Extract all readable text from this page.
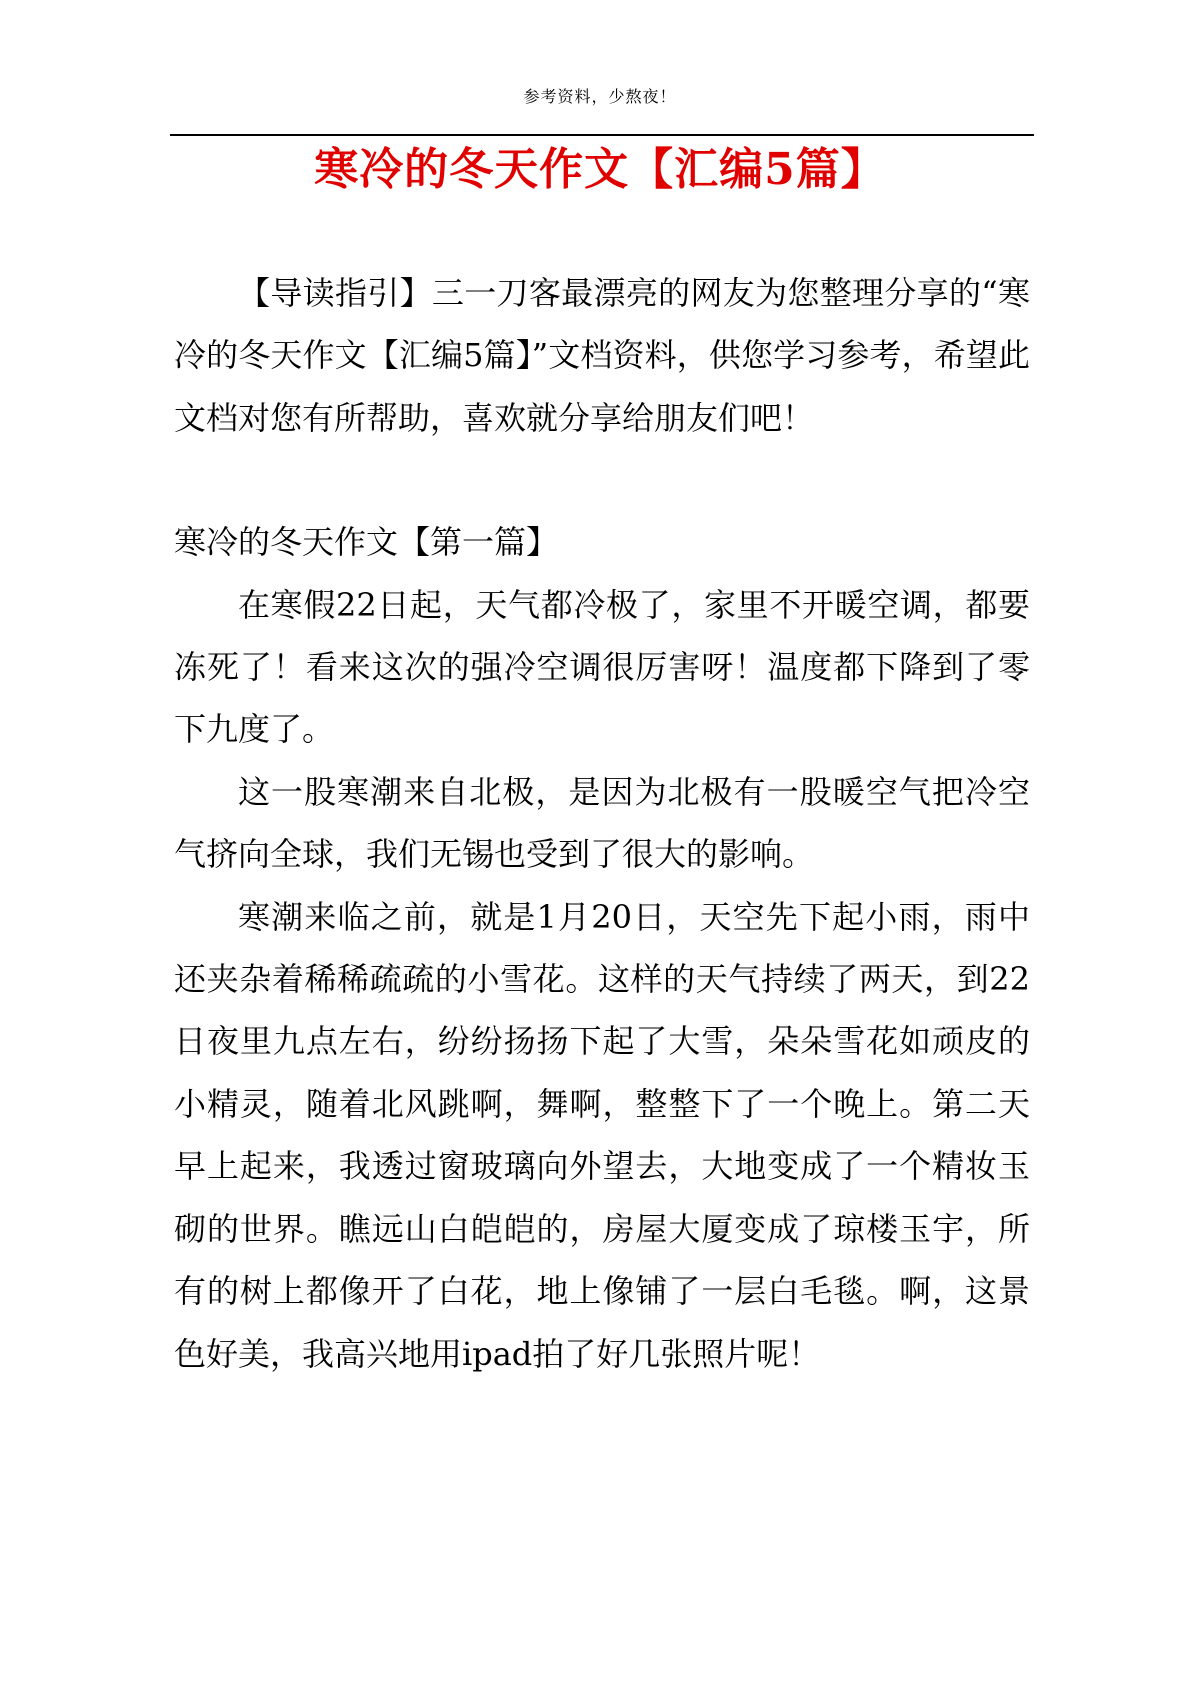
参考资料，少熬夜！
寒冷的冬天作文【汇编5篇】

【导读指引】三一刀客最漂亮的网友为您整理分享的“寒冷的冬天作文【汇编5篇】”文档资料，供您学习参考，希望此文档对您有所帮助，喜欢就分享给朋友们吧！

寒冷的冬天作文【第一篇】

在寒假22日起，天气都冷极了，家里不开暖空调，都要冻死了！看来这次的强冷空调很厉害呀！温度都下降到了零下九度了。

这一股寒潮来自北极，是因为北极有一股暖空气把冷空气挤向全球，我们无锡也受到了很大的影响。

寒潮来临之前，就是1月20日，天空先下起小雨，雨中还夹杂着稀稀疏疏的小雪花。这样的天气持续了两天，到22日夜里九点左右，纷纷扬扬下起了大雪，朵朵雪花如顽皮的小精灵，随着北风跳啊，舞啊，整整下了一个晚上。第二天早上起来，我透过窗玻璃向外望去，大地变成了一个精妆玉砌的世界。瞧远山白皑皑的，房屋大厦变成了琼楼玉宇，所有的树上都像开了白花，地上像铺了一层白毛毯。啊，这景色好美，我高兴地用ipad拍了好几张照片呢！
